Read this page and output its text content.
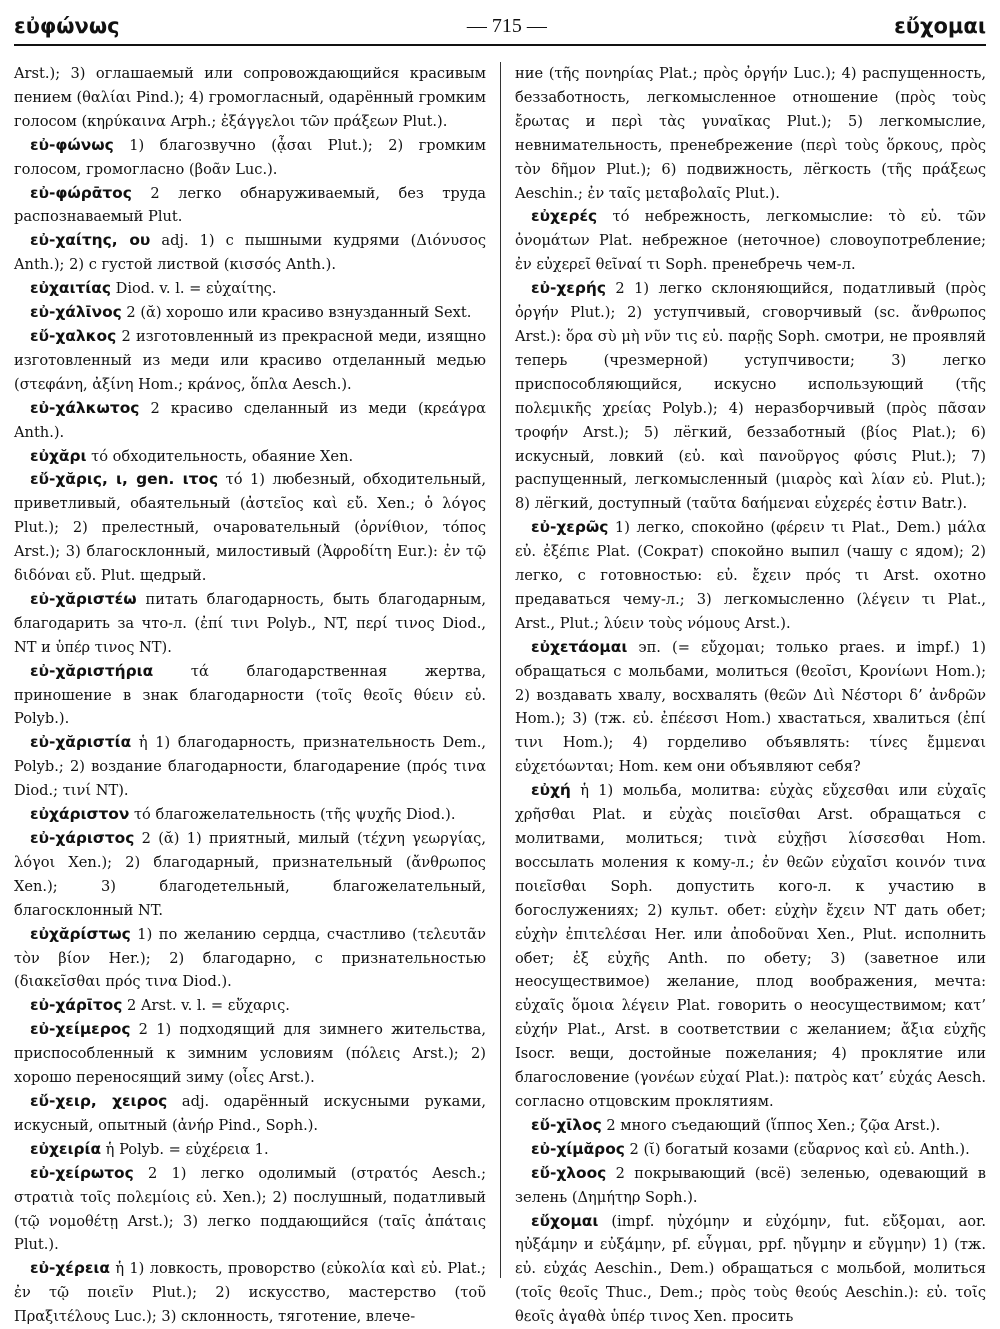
εὐφώνως	— 715 —	εὔχομαι

Arst.); 3) оглашаемый или сопровождающийся красивым пением (θαλίαι Pind.); 4) громогласный, одарённый громким голосом (κηρύκαινα Arph.; ἐξάγγελοι τῶν πράξεων Plut.).

εὐ-φώνως 1) благозвучно (ᾆσαι Plut.); 2) громким голосом, громогласно (βοᾶν Luc.).

εὐ-φώρᾱτος 2 легко обнаруживаемый, без труда распознаваемый Plut.

εὐ-χαίτης, ου adj. 1) с пышными кудрями (Διόνυσος Anth.); 2) с густой листвой (κισσός Anth.).

εὐχαιτίας Diod. v. l. = εὐχαίτης.

εὐ-χάλῑνος 2 (ᾰ) хорошо или красиво взнузданный Sext.

εὔ-χαλκος 2 изготовленный из прекрасной меди, изящно изготовленный из меди или красиво отделанный медью (στεφάνη, ἀξίνη Hom.; κράνος, ὅπλα Aesch.).

εὐ-χάλκωτος 2 красиво сделанный из меди (κρεάγρα Anth.).

εὐχᾰρι τό обходительность, обаяние Xen.

εὔ-χᾰρις, ι, gen. ιτος τό 1) любезный, обходительный, приветливый, обаятельный (ἀστεῖος καὶ εὔ. Xen.; ὁ λόγος Plut.); 2) прелестный, очаровательный (ὀρνίθιον, τόπος Arst.); 3) благосклонный, милостивый (Ἀφροδίτη Eur.): ἐν τῷ διδόναι εὔ. Plut. щедрый.

εὐ-χᾰριστέω питать благодарность, быть благодарным, благодарить за что-л. (ἐπί τινι Polyb., NT, περί τινος Diod., NT и ὑπέρ τινος NT).

εὐ-χᾰριστήρια τά благодарственная жертва, приношение в знак благодарности (τοῖς θεοῖς θύειν εὐ. Polyb.).

εὐ-χᾰριστία ἡ 1) благодарность, признательность Dem., Polyb.; 2) воздание благодарности, благодарение (πρός τινα Diod.; τινί NT).

εὐχάριστον τό благожелательность (τῆς ψυχῆς Diod.).

εὐ-χάριστος 2 (ᾰ) 1) приятный, милый (τέχνη γεωργίας, λόγοι Xen.); 2) благодарный, признательный (ἄνθρωπος Xen.); 3) благодетельный, благожелательный, благосклонный NT.

εὐχᾰρίστως 1) по желанию сердца, счастливо (τελευτᾶν τὸν βίον Her.); 2) благодарно, с признательностью (διακεῖσθαι πρός τινα Diod.).

εὐ-χάρῑτος 2 Arst. v. l. = εὔχαρις.

εὐ-χείμερος 2 1) подходящий для зимнего жительства, приспособленный к зимним условиям (πόλεις Arst.); 2) хорошо переносящий зиму (οἶες Arst.).

εὔ-χειρ, χειρος adj. одарённый искусными руками, искусный, опытный (ἀνήρ Pind., Soph.).

εὐχειρία ἡ Polyb. = εὐχέρεια 1.

εὐ-χείρωτος 2 1) легко одолимый (στρατός Aesch.; στρατιὰ τοῖς πολεμίοις εὐ. Xen.); 2) послушный, податливый (τῷ νομοθέτῃ Arst.); 3) легко поддающийся (ταῖς ἀπάταις Plut.).

εὐ-χέρεια ἡ 1) ловкость, проворство (εὐκολία καὶ εὐ. Plat.; ἐν τῷ ποιεῖν Plut.); 2) искусство, мастерство (τοῦ Πραξιτέλους Luc.); 3) склонность, тяготение, влече-

ние (τῆς πονηρίας Plat.; πρὸς ὀργήν Luc.); 4) распущенность, беззаботность, легкомысленное отношение (πρὸς τοὺς ἔρωτας и περὶ τὰς γυναῖκας Plut.); 5) легкомыслие, невнимательность, пренебрежение (περὶ τοὺς ὅρκους, πρὸς τὸν δῆμον Plut.); 6) подвижность, лёгкость (τῆς πράξεως Aeschin.; ἐν ταῖς μεταβολαῖς Plut.).

εὐχερές τό небрежность, легкомыслие: τὸ εὐ. τῶν ὀνομάτων Plat. небрежное (неточное) словоупотребление; ἐν εὐχερεῖ θεῖναί τι Soph. пренебречь чем-л.

εὐ-χερής 2 1) легко склоняющийся, податливый (πρὸς ὀργήν Plut.); 2) уступчивый, сговорчивый (sc. ἄνθρωπος Arst.): ὅρα σὺ μὴ νῦν τις εὐ. παρῇς Soph. смотри, не проявляй теперь (чрезмерной) уступчивости; 3) легко приспособляющийся, искусно использующий (τῆς πολεμικῆς χρείας Polyb.); 4) неразборчивый (πρὸς πᾶσαν τροφήν Arst.); 5) лёгкий, беззаботный (βίος Plat.); 6) искусный, ловкий (εὐ. καὶ πανοῦργος φύσις Plut.); 7) распущенный, легкомысленный (μιαρὸς καὶ λίαν εὐ. Plut.); 8) лёгкий, доступный (ταῦτα δαήμεναι εὐχερές ἐστιν Batr.).

εὐ-χερῶς 1) легко, спокойно (φέρειν τι Plat., Dem.) μάλα εὐ. ἐξέπιε Plat. (Сократ) спокойно выпил (чашу с ядом); 2) легко, с готовностью: εὐ. ἔχειν πρός τι Arst. охотно предаваться чему-л.; 3) легкомысленно (λέγειν τι Plat., Arst., Plut.; λύειν τοὺς νόμους Arst.).

εὐχετάομαι эп. (= εὔχομαι; только praes. и impf.) 1) обращаться с мольбами, молиться (θεοῖσι, Κρονίωνι Hom.); 2) воздавать хвалу, восхвалять (θεῶν Διὶ Νέστορι δ’ ἀνδρῶν Hom.); 3) (тж. εὐ. ἐπέεσσι Hom.) хвастаться, хвалиться (ἐπί τινι Hom.); 4) горделиво объявлять: τίνες ἔμμεναι εὐχετόωνται; Hom. кем они объявляют себя?

εὐχή ἡ 1) мольба, молитва: εὐχὰς εὔχεσθαι или εὐχαῖς χρῆσθαι Plat. и εὐχὰς ποιεῖσθαι Arst. обращаться с молитвами, молиться; τινὰ εὐχῇσι λίσσεσθαι Hom. воссылать моления к кому-л.; ἐν θεῶν εὐχαῖσι κοινόν τινα ποιεῖσθαι Soph. допустить кого-л. к участию в богослужениях; 2) культ. обет: εὐχὴν ἔχειν NT дать обет; εὐχὴν ἐπιτελέσαι Her. или ἀποδοῦναι Xen., Plut. исполнить обет; ἐξ εὐχῆς Anth. по обету; 3) (заветное или неосуществимое) желание, плод воображения, мечта: εὐχαῖς ὅμοια λέγειν Plat. говорить о неосуществимом; κατ’ εὐχήν Plat., Arst. в соответствии с желанием; ἄξια εὐχῆς Isocr. вещи, достойные пожелания; 4) проклятие или благословение (γονέων εὐχαί Plat.): πατρὸς κατ’ εὐχάς Aesch. согласно отцовским проклятиям.

εὔ-χῑλος 2 много съедающий (ἵππος Xen.; ζῷα Arst.).

εὐ-χίμᾰρος 2 (ῐ) богатый козами (εὔαρνος καὶ εὐ. Anth.).

εὔ-χλοος 2 покрывающий (всё) зеленью, одевающий в зелень (Δημήτηρ Soph.).

εὔχομαι (impf. ηὐχόμην и εὐχόμην, fut. εὔξομαι, aor. ηὐξάμην и εὐξάμην, pf. εὖγμαι, ppf. ηὔγμην и εὔγμην) 1) (тж. εὐ. εὐχάς Aeschin., Dem.) обращаться с мольбой, молиться (τοῖς θεοῖς Thuc., Dem.; πρὸς τοὺς θεούς Aeschin.): εὐ. τοῖς θεοῖς ἀγαθὰ ὑπέρ τινος Xen. просить
